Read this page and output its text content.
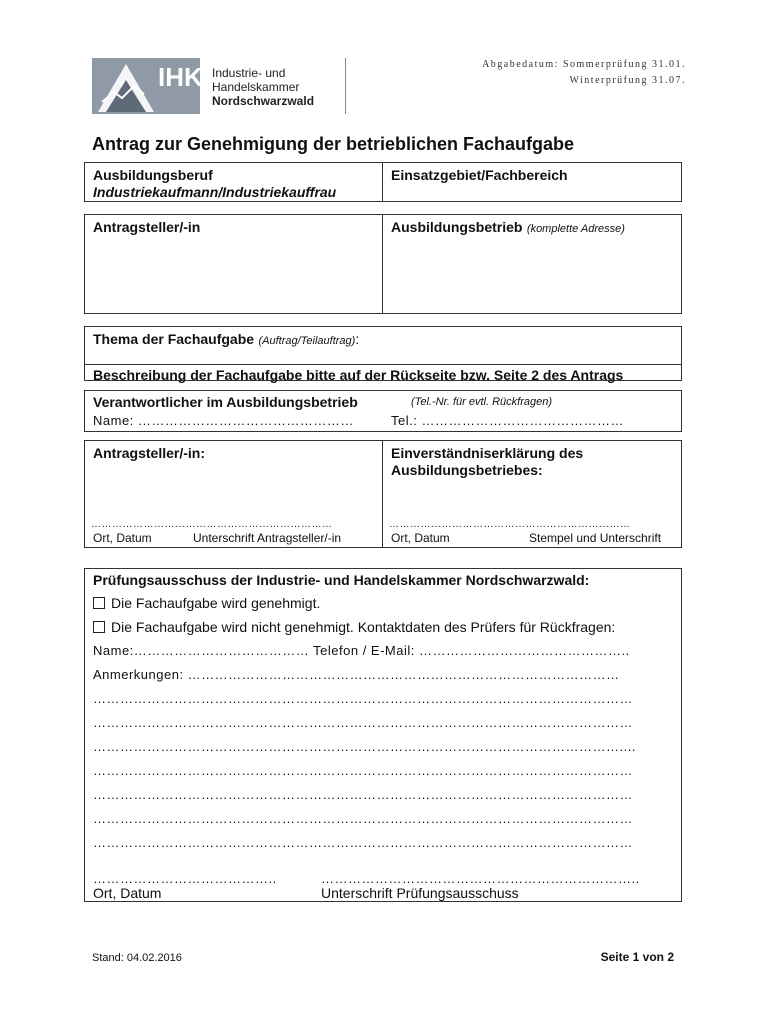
Abgabedatum: Sommerprüfung 31.01.
Winterprüfung 31.07.
IHK Industrie- und Handelskammer
Nordschwarzwald
Antrag zur Genehmigung der betrieblichen Fachaufgabe
Ausbildungsberuf
Industriekaufmann/Industriekauffrau
Einsatzgebiet/Fachbereich
Antragsteller/-in	Ausbildungsbetrieb (komplette Adresse)
Thema der Fachaufgabe (Auftrag/Teilauftrag):
Beschreibung der Fachaufgabe bitte auf der Rückseite bzw. Seite 2 des Antrags
Verantwortlicher im Ausbildungsbetrieb	(Tel.-Nr. für evtl. Rückfragen)
Name: …………………………………………	Tel.: ………………………………………
Antragsteller/-in:	Einverständniserklärung des
Ausbildungsbetriebes:
……………………………………………………………	……………………………………………………………
Ort, Datum	Unterschrift Antragsteller/-in	Ort, Datum	Stempel und Unterschrift
Prüfungsausschuss der Industrie- und Handelskammer Nordschwarzwald:
Die Fachaufgabe wird genehmigt.
Die Fachaufgabe wird nicht genehmigt. Kontaktdaten des Prüfers für Rückfragen:
Name:………………………………… Telefon / E-Mail: ………………………………………..
Anmerkungen: ……………………………………………………………………………………
…………………………………………………………………………………………………………
…………………………………………………………………………………………………………
………………………………………………………………………………………………………....
…………………………………………………………………………………………………………
…………………………………………………………………………………………………………
…………………………………………………………………………………………………………
…………………………………………………………………………………………………………
…………………………………..	……………………………………………………………..
Ort, Datum	Unterschrift Prüfungsausschuss
Stand: 04.02.2016	Seite 1 von 2
